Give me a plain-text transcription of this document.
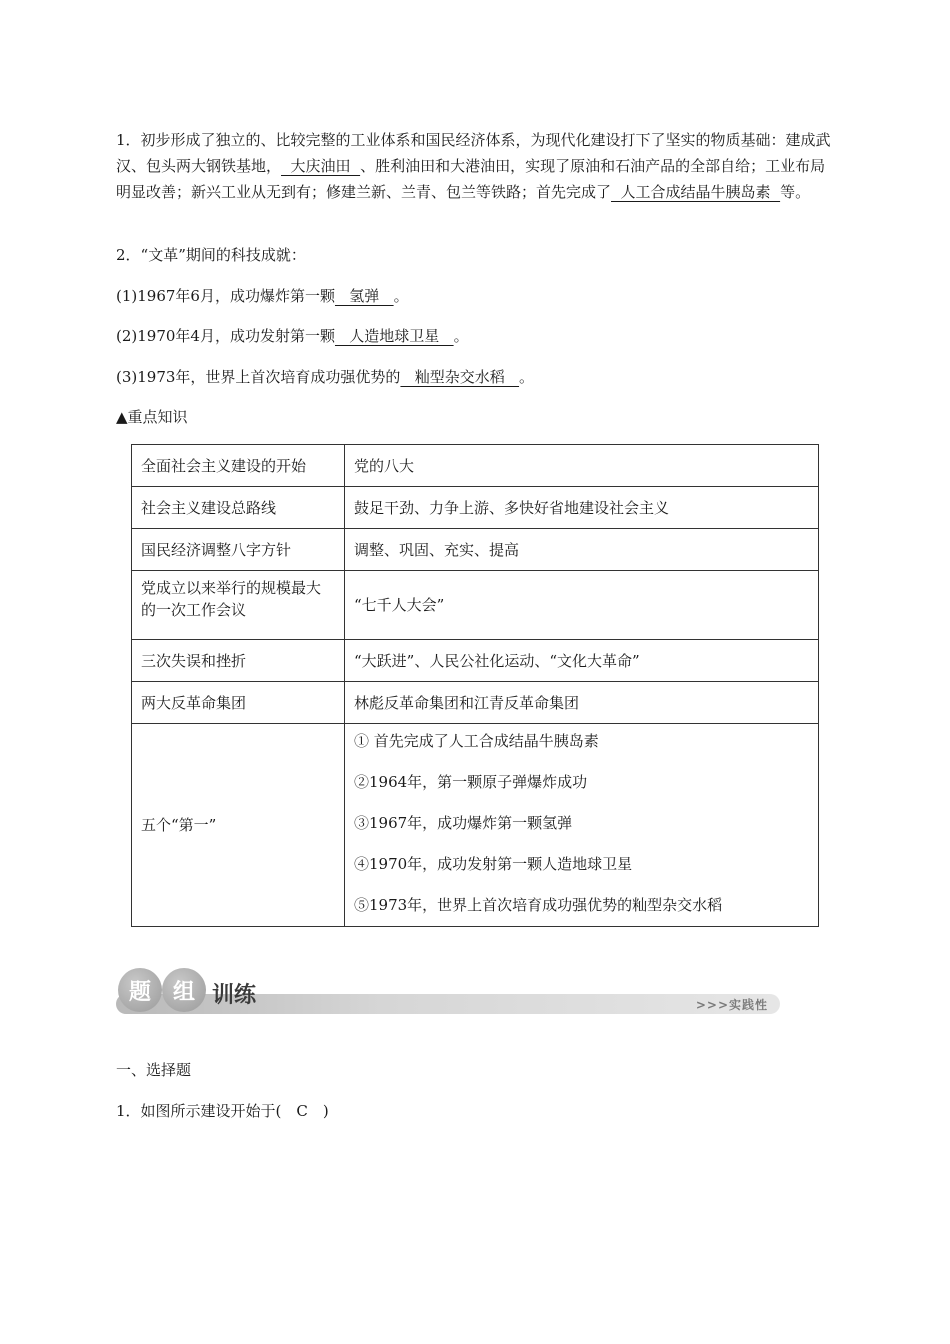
1．初步形成了独立的、比较完整的工业体系和国民经济体系，为现代化建设打下了坚实的物质基础：建成武汉、包头两大钢铁基地，  大庆油田  、胜利油田和大港油田，实现了原油和石油产品的全部自给；工业布局明显改善；新兴工业从无到有；修建兰新、兰青、包兰等铁路；首先完成了  人工合成结晶牛胰岛素  等。

2．“文革”期间的科技成就：
(1)1967年6月，成功爆炸第一颗   氢弹   。
(2)1970年4月，成功发射第一颗   人造地球卫星   。
(3)1973年，世界上首次培育成功强优势的   籼型杂交水稻   。
▲重点知识
全面社会主义建设的开始	党的八大

社会主义建设总路线	鼓足干劲、力争上游、多快好省地建设社会主义

国民经济调整八字方针	调整、巩固、充实、提高

党成立以来举行的规模最大的一次工作会议	“七千人大会”

三次失误和挫折	“大跃进”、人民公社化运动、“文化大革命”

两大反革命集团	林彪反革命集团和江青反革命集团

五个“第一”	① 首先完成了人工合成结晶牛胰岛素
②1964年，第一颗原子弹爆炸成功
③1967年，成功爆炸第一颗氢弹
④1970年，成功发射第一颗人造地球卫星
⑤1973年，世界上首次培育成功强优势的籼型杂交水稻
题 组 训练	>>>实践性
一、选择题
1．如图所示建设开始于(　C　)
